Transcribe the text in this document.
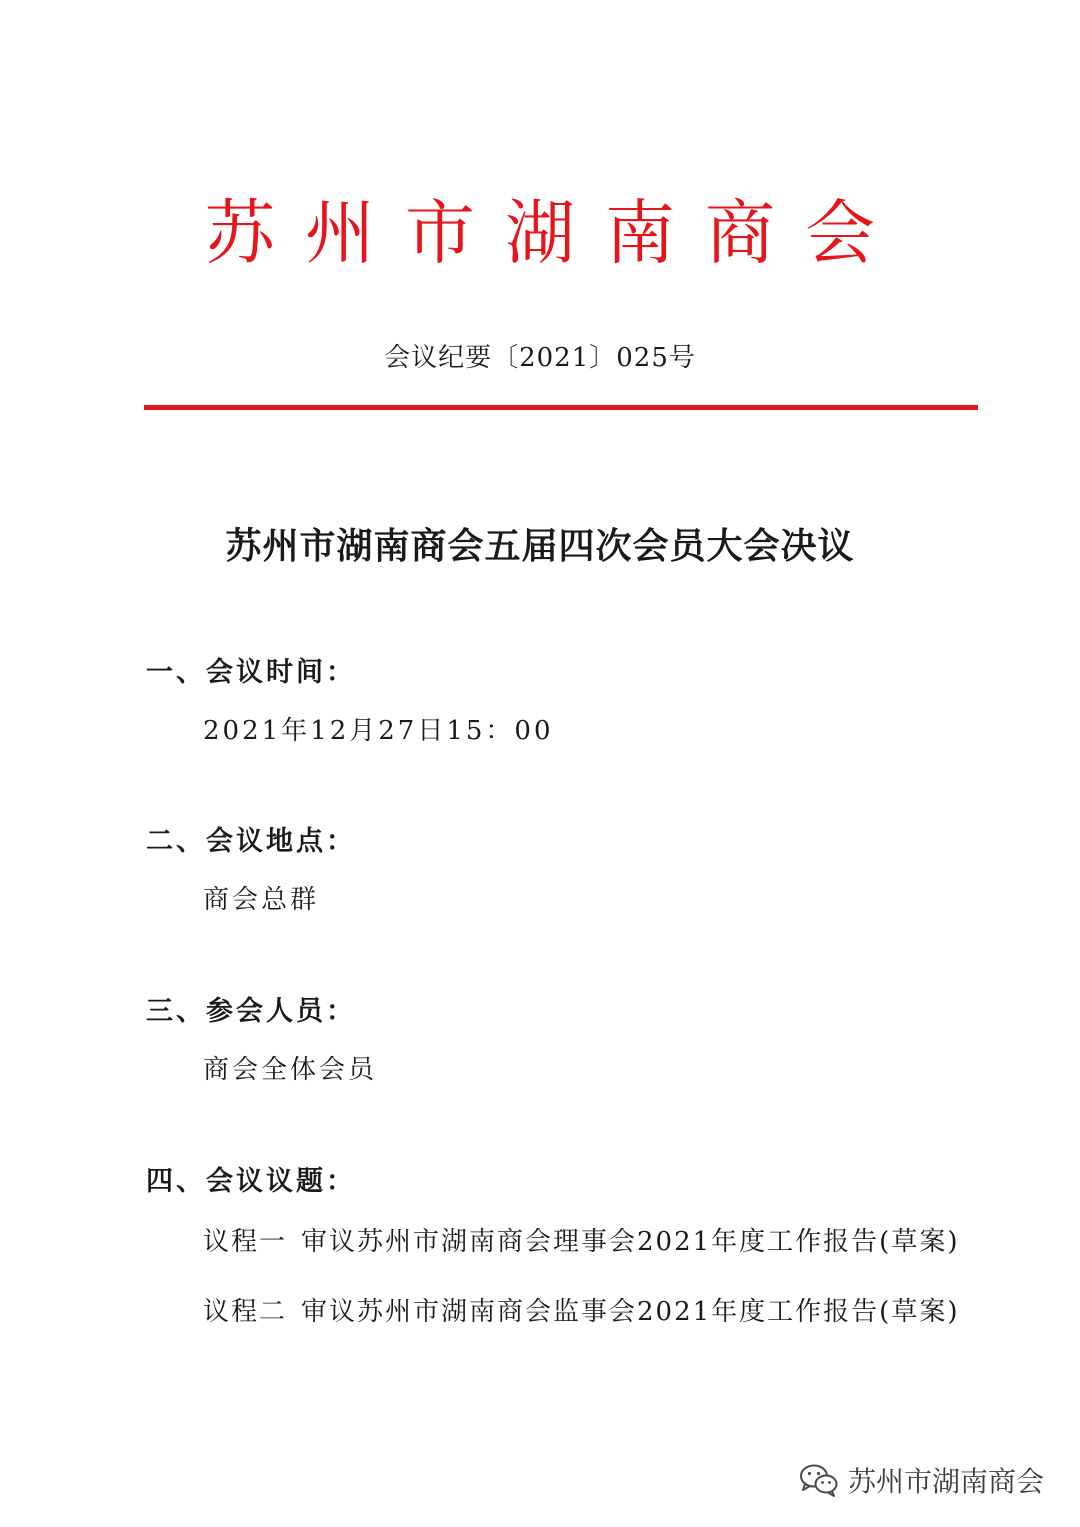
苏州市湖南商会
会议纪要〔2021〕025号
苏州市湖南商会五届四次会员大会决议

一、会议时间：

2021年12月27日15：00

二、会议地点：

商会总群

三、参会人员：

商会全体会员

四、会议议题：

议程一 审议苏州市湖南商会理事会2021年度工作报告(草案)
议程二 审议苏州市湖南商会监事会2021年度工作报告(草案)
苏州市湖南商会
